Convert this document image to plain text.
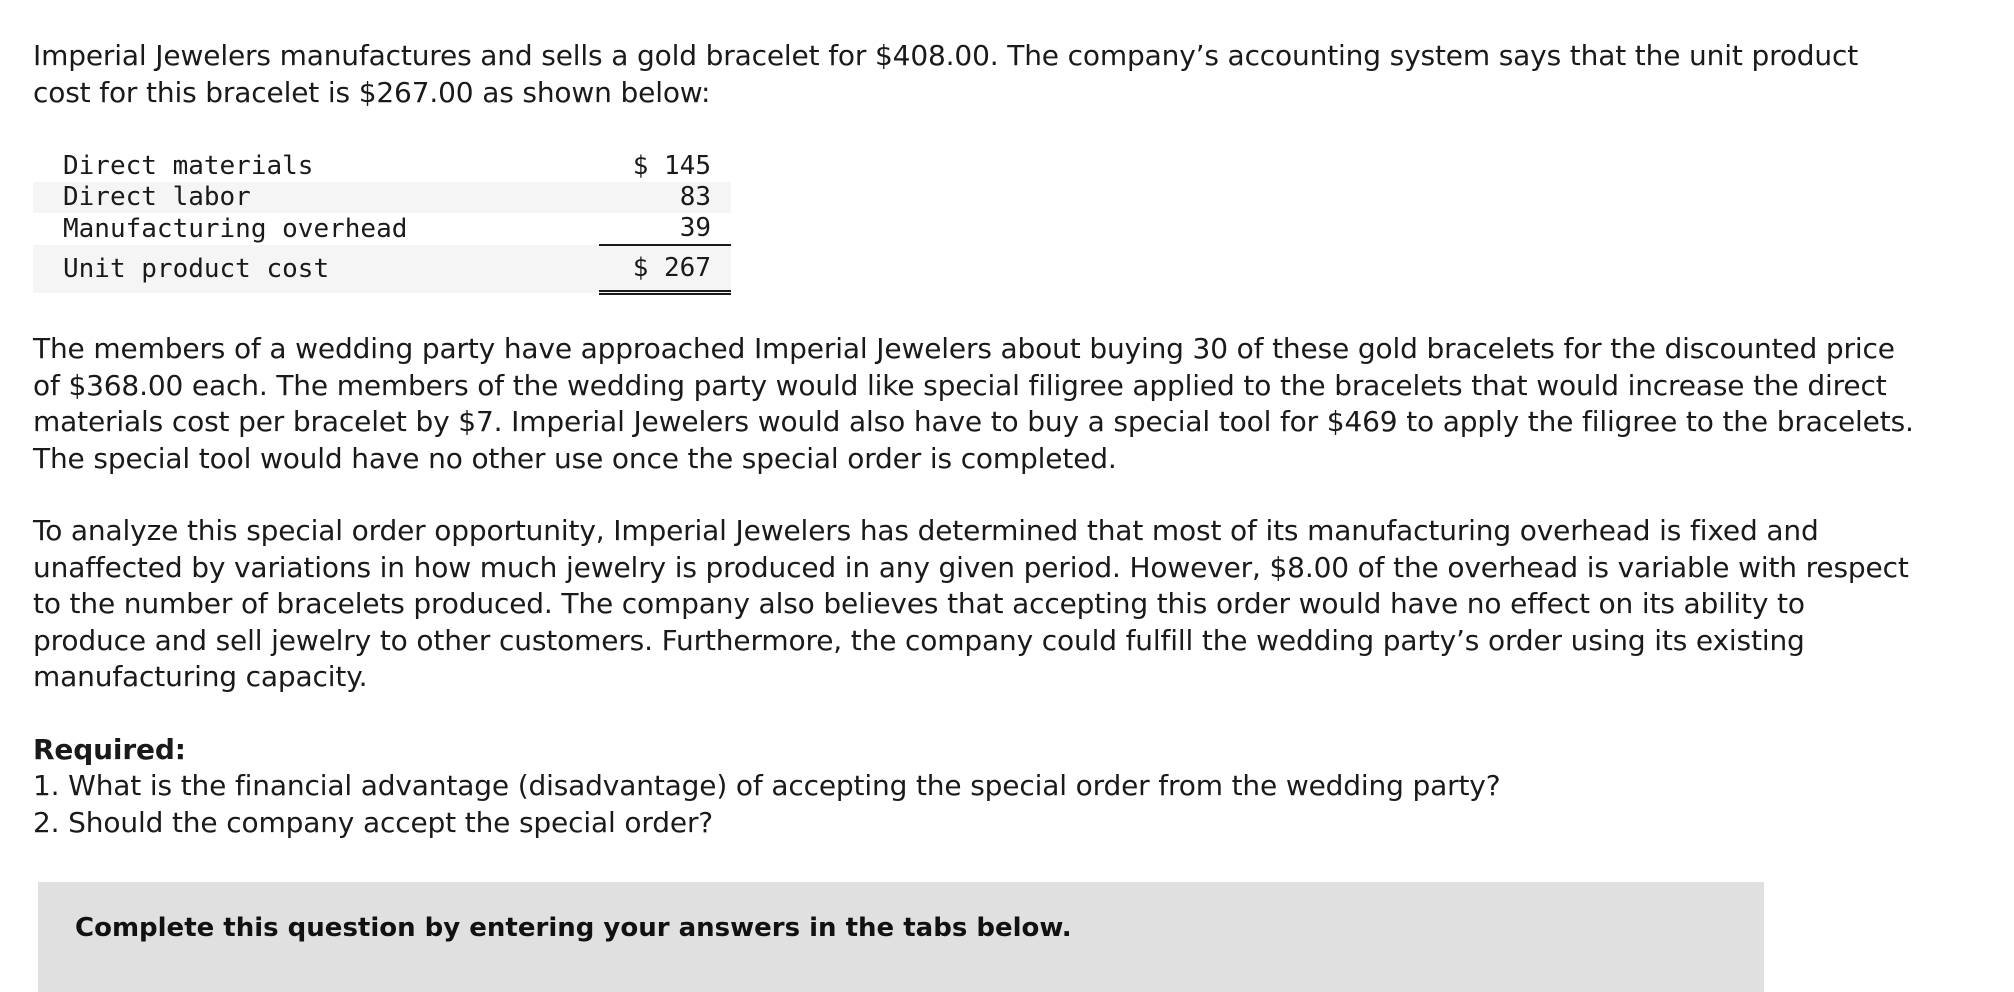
Imperial Jewelers manufactures and sells a gold bracelet for $408.00. The company’s accounting system says that the unit product
cost for this bracelet is $267.00 as shown below:

Direct materials	$ 145
Direct labor	83
Manufacturing overhead	39
Unit product cost	$ 267

The members of a wedding party have approached Imperial Jewelers about buying 30 of these gold bracelets for the discounted price
of $368.00 each. The members of the wedding party would like special filigree applied to the bracelets that would increase the direct
materials cost per bracelet by $7. Imperial Jewelers would also have to buy a special tool for $469 to apply the filigree to the bracelets.
The special tool would have no other use once the special order is completed.

To analyze this special order opportunity, Imperial Jewelers has determined that most of its manufacturing overhead is fixed and
unaffected by variations in how much jewelry is produced in any given period. However, $8.00 of the overhead is variable with respect
to the number of bracelets produced. The company also believes that accepting this order would have no effect on its ability to
produce and sell jewelry to other customers. Furthermore, the company could fulfill the wedding party’s order using its existing
manufacturing capacity.

Required:
1. What is the financial advantage (disadvantage) of accepting the special order from the wedding party?
2. Should the company accept the special order?

Complete this question by entering your answers in the tabs below.
